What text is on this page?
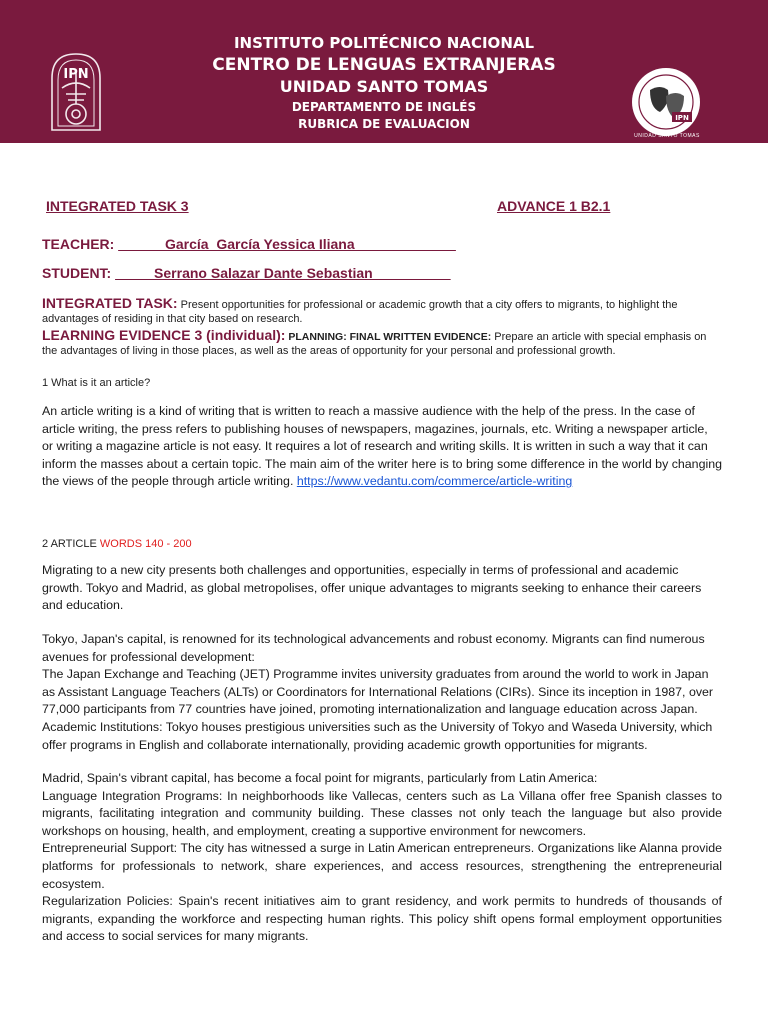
IPN
INSTITUTO POLITÉCNICO NACIONAL
CENTRO DE LENGUAS EXTRANJERAS
UNIDAD SANTO TOMAS
DEPARTAMENTO DE INGLÉS
RÚBRICA DE EVALUACIÓN	IPN
UNIDAD SANTO TOMAS
INTEGRATED TASK 3	ADVANCE 1 B2.1
TEACHER: ______García_García Yessica Iliana_____________
STUDENT: _____Serrano Salazar Dante Sebastian__________
INTEGRATED TASK: Present opportunities for professional or academic growth that a city offers to migrants, to highlight the advantages of residing in that city based on research.
LEARNING EVIDENCE 3 (individual): PLANNING: FINAL WRITTEN EVIDENCE: Prepare an article with special emphasis on the advantages of living in those places, as well as the areas of opportunity for your personal and professional growth.
1 What is it an article?
An article writing is a kind of writing that is written to reach a massive audience with the help of the press. In the case of article writing, the press refers to publishing houses of newspapers, magazines, journals, etc. Writing a newspaper article, or writing a magazine article is not easy. It requires a lot of research and writing skills. It is written in such a way that it can inform the masses about a certain topic. The main aim of the writer here is to bring some difference in the world by changing the views of the people through article writing. https://www.vedantu.com/commerce/article-writing
2 ARTICLE WORDS 140 - 200
Migrating to a new city presents both challenges and opportunities, especially in terms of professional and academic growth. Tokyo and Madrid, as global metropolises, offer unique advantages to migrants seeking to enhance their careers and education.

Tokyo, Japan's capital, is renowned for its technological advancements and robust economy. Migrants can find numerous avenues for professional development:

The Japan Exchange and Teaching (JET) Programme invites university graduates from around the world to work in Japan as Assistant Language Teachers (ALTs) or Coordinators for International Relations (CIRs). Since its inception in 1987, over 77,000 participants from 77 countries have joined, promoting internationalization and language education across Japan.

Academic Institutions: Tokyo houses prestigious universities such as the University of Tokyo and Waseda University, which offer programs in English and collaborate internationally, providing academic growth opportunities for migrants.

Madrid, Spain's vibrant capital, has become a focal point for migrants, particularly from Latin America:

Language Integration Programs: In neighborhoods like Vallecas, centers such as La Villana offer free Spanish classes to migrants, facilitating integration and community building. These classes not only teach the language but also provide workshops on housing, health, and employment, creating a supportive environment for newcomers.

Entrepreneurial Support: The city has witnessed a surge in Latin American entrepreneurs. Organizations like Alanna provide platforms for professionals to network, share experiences, and access resources, strengthening the entrepreneurial ecosystem.

Regularization Policies: Spain's recent initiatives aim to grant residency, and work permits to hundreds of thousands of migrants, expanding the workforce and respecting human rights. This policy shift opens formal employment opportunities and access to social services for many migrants.
